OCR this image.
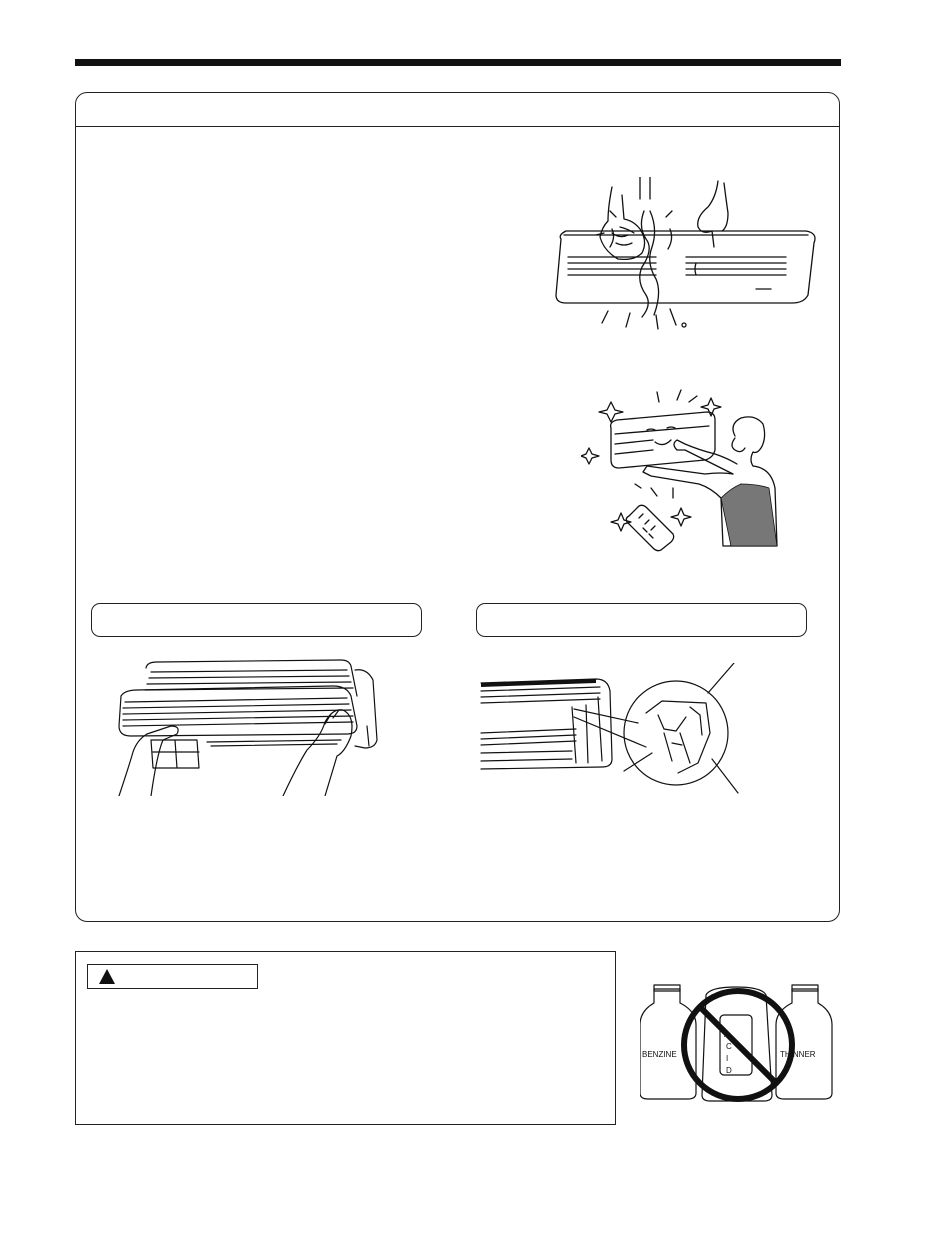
BENZINE	THINNER
A
C
I
D
